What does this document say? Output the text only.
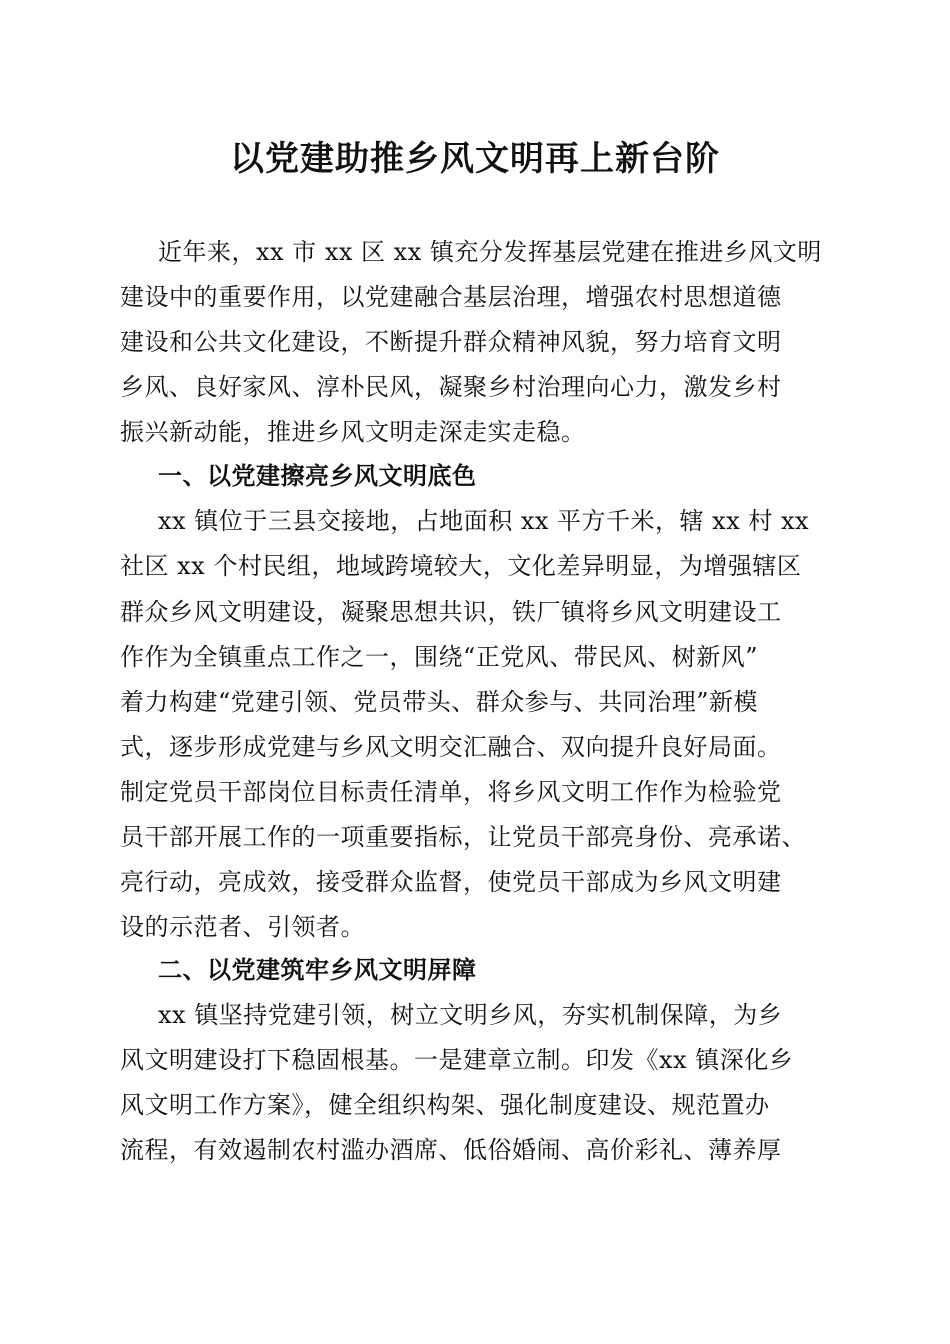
以党建助推乡风文明再上新台阶
近年来，xx 市 xx 区 xx 镇充分发挥基层党建在推进乡风文明
建设中的重要作用，以党建融合基层治理，增强农村思想道德
建设和公共文化建设，不断提升群众精神风貌，努力培育文明
乡风、良好家风、淳朴民风，凝聚乡村治理向心力，激发乡村
振兴新动能，推进乡风文明走深走实走稳。
一、以党建擦亮乡风文明底色
xx 镇位于三县交接地，占地面积 xx 平方千米，辖 xx 村 xx
社区 xx 个村民组，地域跨境较大，文化差异明显，为增强辖区
群众乡风文明建设，凝聚思想共识，铁厂镇将乡风文明建设工
作作为全镇重点工作之一，围绕“正党风、带民风、树新风”
着力构建“党建引领、党员带头、群众参与、共同治理”新模
式，逐步形成党建与乡风文明交汇融合、双向提升良好局面。
制定党员干部岗位目标责任清单，将乡风文明工作作为检验党
员干部开展工作的一项重要指标，让党员干部亮身份、亮承诺、
亮行动，亮成效，接受群众监督，使党员干部成为乡风文明建
设的示范者、引领者。
二、以党建筑牢乡风文明屏障
xx 镇坚持党建引领，树立文明乡风，夯实机制保障，为乡
风文明建设打下稳固根基。一是建章立制。印发《xx 镇深化乡
风文明工作方案》，健全组织构架、强化制度建设、规范置办
流程，有效遏制农村滥办酒席、低俗婚闹、高价彩礼、薄养厚
